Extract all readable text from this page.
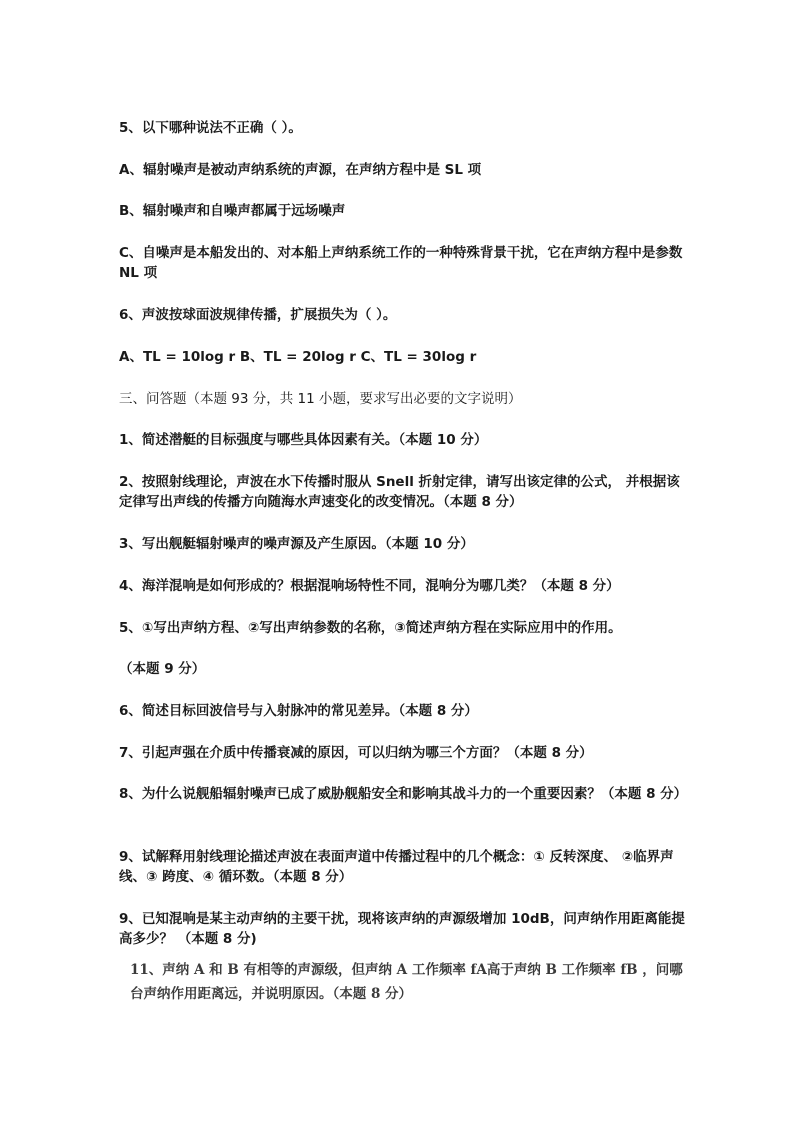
5、以下哪种说法不正确（ ）。
A、辐射噪声是被动声纳系统的声源，在声纳方程中是 SL 项
B、辐射噪声和自噪声都属于远场噪声
C、自噪声是本船发出的、对本船上声纳系统工作的一种特殊背景干扰，它在声纳方程中是参数 NL 项
6、声波按球面波规律传播，扩展损失为（ ）。
A、TL = 10log r B、TL = 20log r C、TL = 30log r
三、问答题（本题 93 分，共 11 小题，要求写出必要的文字说明）
1、简述潜艇的目标强度与哪些具体因素有关。（本题 10 分）
2、按照射线理论，声波在水下传播时服从 Snell 折射定律，请写出该定律的公式， 并根据该定律写出声线的传播方向随海水声速变化的改变情况。（本题 8 分）
3、写出舰艇辐射噪声的噪声源及产生原因。（本题 10 分）
4、海洋混响是如何形成的？根据混响场特性不同，混响分为哪几类？（本题 8 分）
5、①写出声纳方程、②写出声纳参数的名称，③简述声纳方程在实际应用中的作用。
（本题 9 分）
6、简述目标回波信号与入射脉冲的常见差异。（本题 8 分）
7、引起声强在介质中传播衰减的原因，可以归纳为哪三个方面？（本题 8 分）
8、为什么说舰船辐射噪声已成了威胁舰船安全和影响其战斗力的一个重要因素？（本题 8 分）
9、试解释用射线理论描述声波在表面声道中传播过程中的几个概念：① 反转深度、 ②临界声线、③ 跨度、④ 循环数。（本题 8 分）
9、已知混响是某主动声纳的主要干扰，现将该声纳的声源级增加 10dB，问声纳作用距离能提高多少？ （本题 8 分)
11、声纳 A 和 B 有相等的声源级，但声纳 A 工作频率 fA高于声纳 B 工作频率 fB ，问哪台声纳作用距离远，并说明原因。（本题 8 分）
